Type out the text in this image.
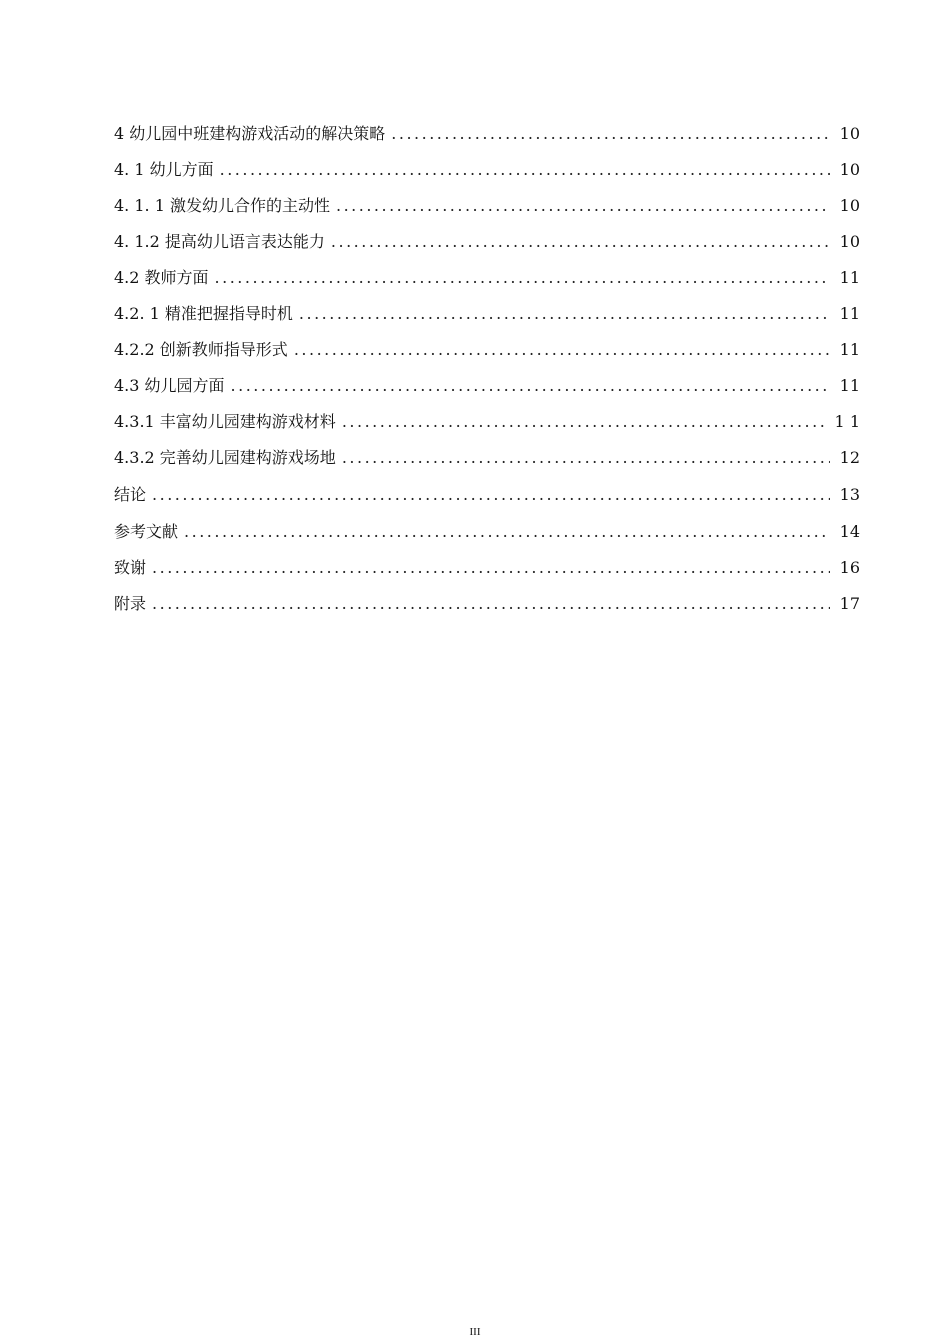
4 幼儿园中班建构游戏活动的解决策略 .....	10
4. 1 幼儿方面 .....	10
4. 1. 1 激发幼儿合作的主动性 .....	10
4. 1.2 提高幼儿语言表达能力 .....	10
4.2 教师方面 .....	11
4.2. 1 精准把握指导时机 .....	11
4.2.2 创新教师指导形式 .....	11
4.3 幼儿园方面 .....	11
4.3.1 丰富幼儿园建构游戏材料 .....	1 1
4.3.2 完善幼儿园建构游戏场地 .....	12
结论 .....	13
参考文献 .....	14
致谢 .....	16
附录 .....	17
III
